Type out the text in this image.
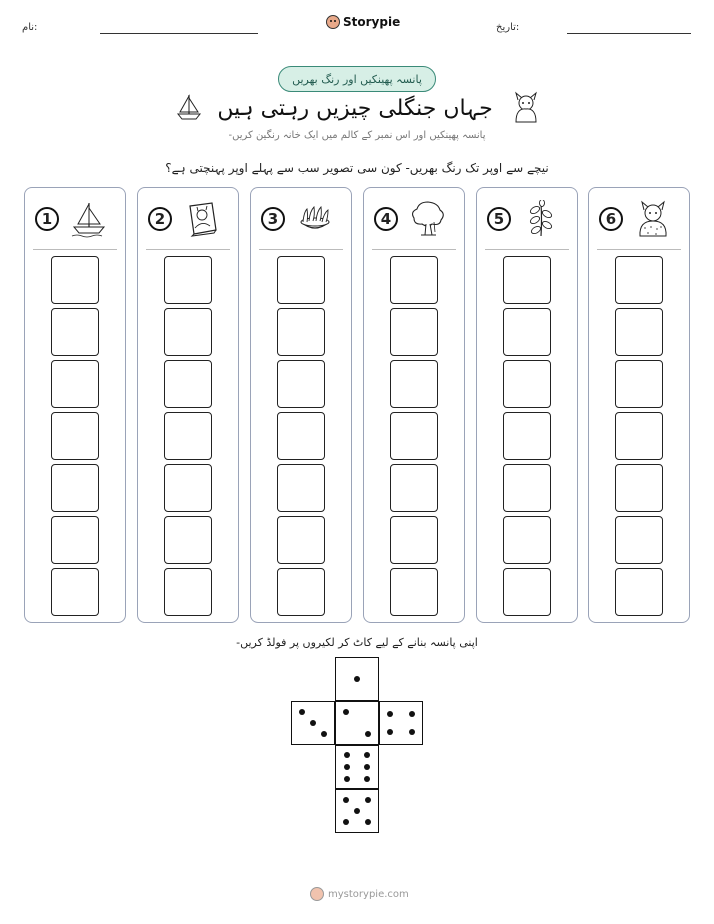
نام:	Storypie	تاریخ:
پانسہ پھینکیں اور رنگ بھریں
جہاں جنگلی چیزیں رہتی ہیں
پانسہ پھینکیں اور اس نمبر کے کالم میں ایک خانہ رنگین کریں-
نیچے سے اوپر تک رنگ بھریں- کون سی تصویر سب سے پہلے اوپر پہنچتی ہے؟
1	2	3	4	5	6
اپنی پانسہ بنانے کے لیے کاٹ کر لکیروں پر فولڈ کریں-
mystorypie.com
